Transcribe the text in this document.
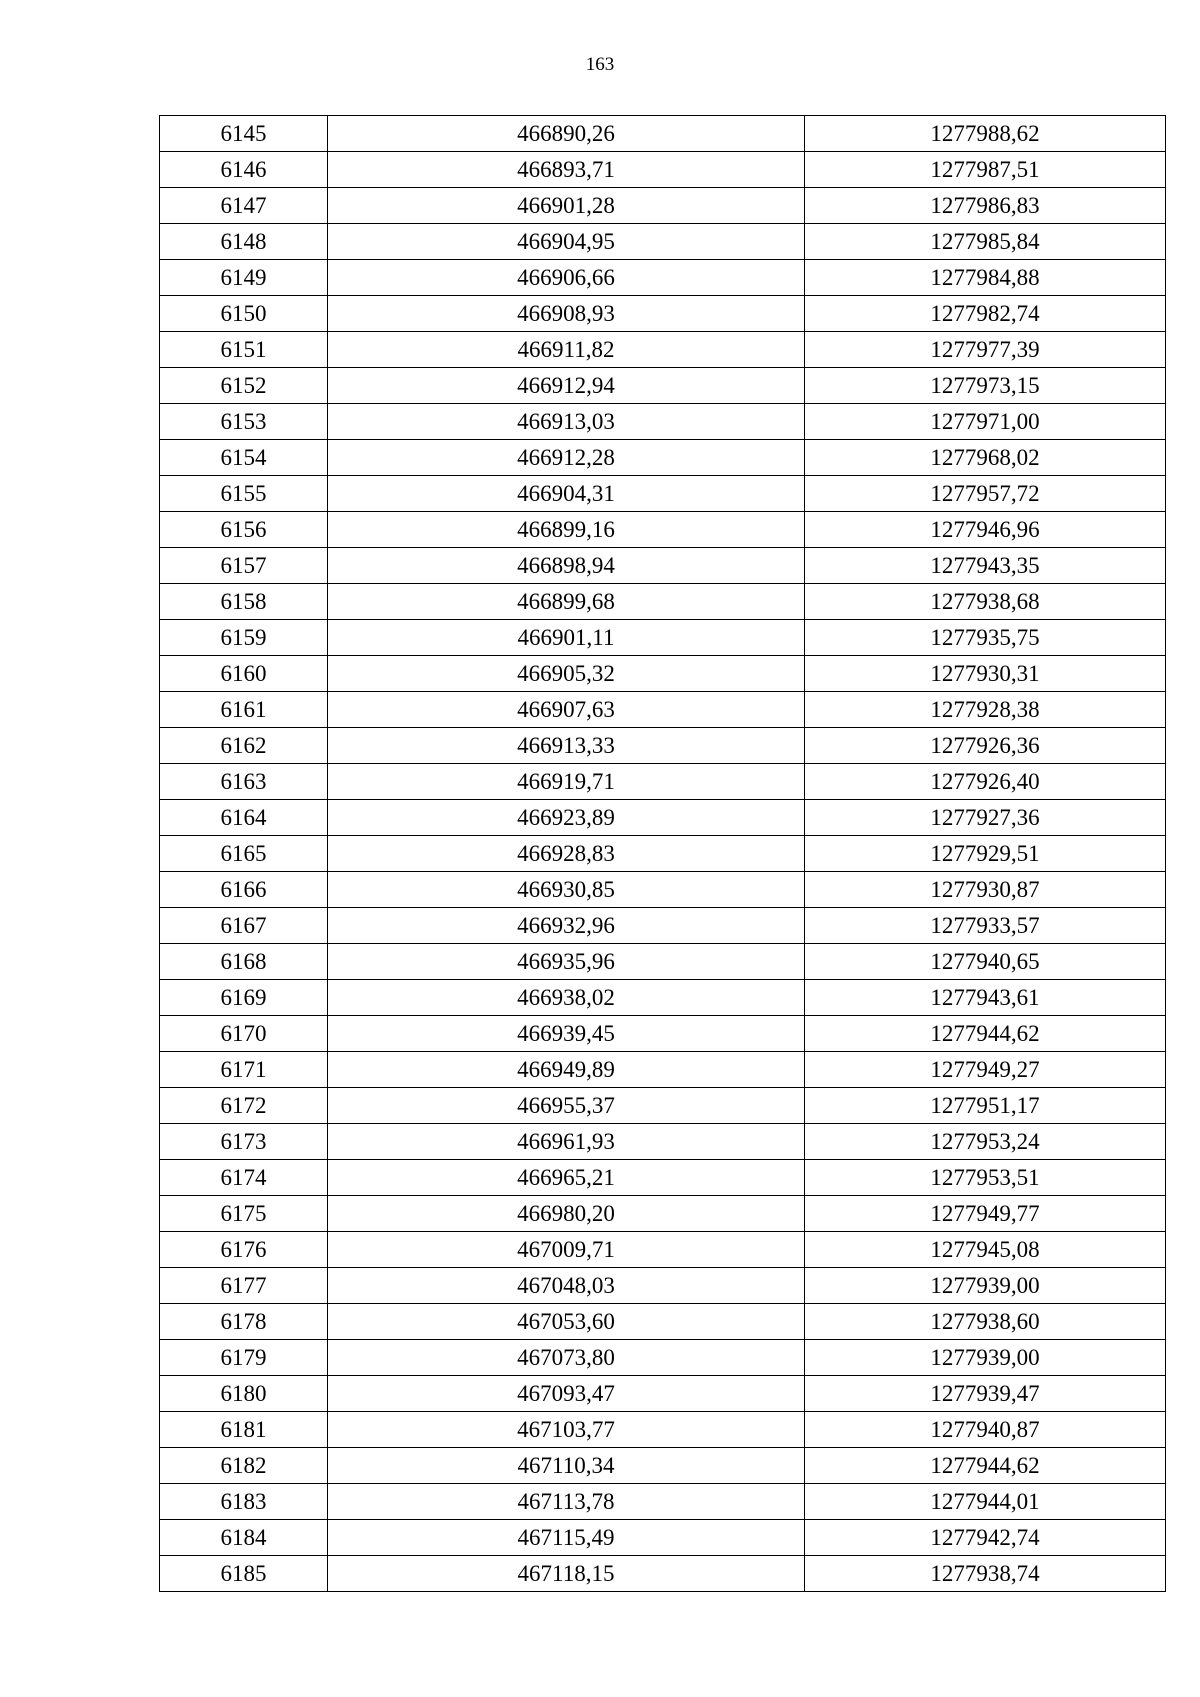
163
6145	466890,26	1277988,62
6146	466893,71	1277987,51
6147	466901,28	1277986,83
6148	466904,95	1277985,84
6149	466906,66	1277984,88
6150	466908,93	1277982,74
6151	466911,82	1277977,39
6152	466912,94	1277973,15
6153	466913,03	1277971,00
6154	466912,28	1277968,02
6155	466904,31	1277957,72
6156	466899,16	1277946,96
6157	466898,94	1277943,35
6158	466899,68	1277938,68
6159	466901,11	1277935,75
6160	466905,32	1277930,31
6161	466907,63	1277928,38
6162	466913,33	1277926,36
6163	466919,71	1277926,40
6164	466923,89	1277927,36
6165	466928,83	1277929,51
6166	466930,85	1277930,87
6167	466932,96	1277933,57
6168	466935,96	1277940,65
6169	466938,02	1277943,61
6170	466939,45	1277944,62
6171	466949,89	1277949,27
6172	466955,37	1277951,17
6173	466961,93	1277953,24
6174	466965,21	1277953,51
6175	466980,20	1277949,77
6176	467009,71	1277945,08
6177	467048,03	1277939,00
6178	467053,60	1277938,60
6179	467073,80	1277939,00
6180	467093,47	1277939,47
6181	467103,77	1277940,87
6182	467110,34	1277944,62
6183	467113,78	1277944,01
6184	467115,49	1277942,74
6185	467118,15	1277938,74
